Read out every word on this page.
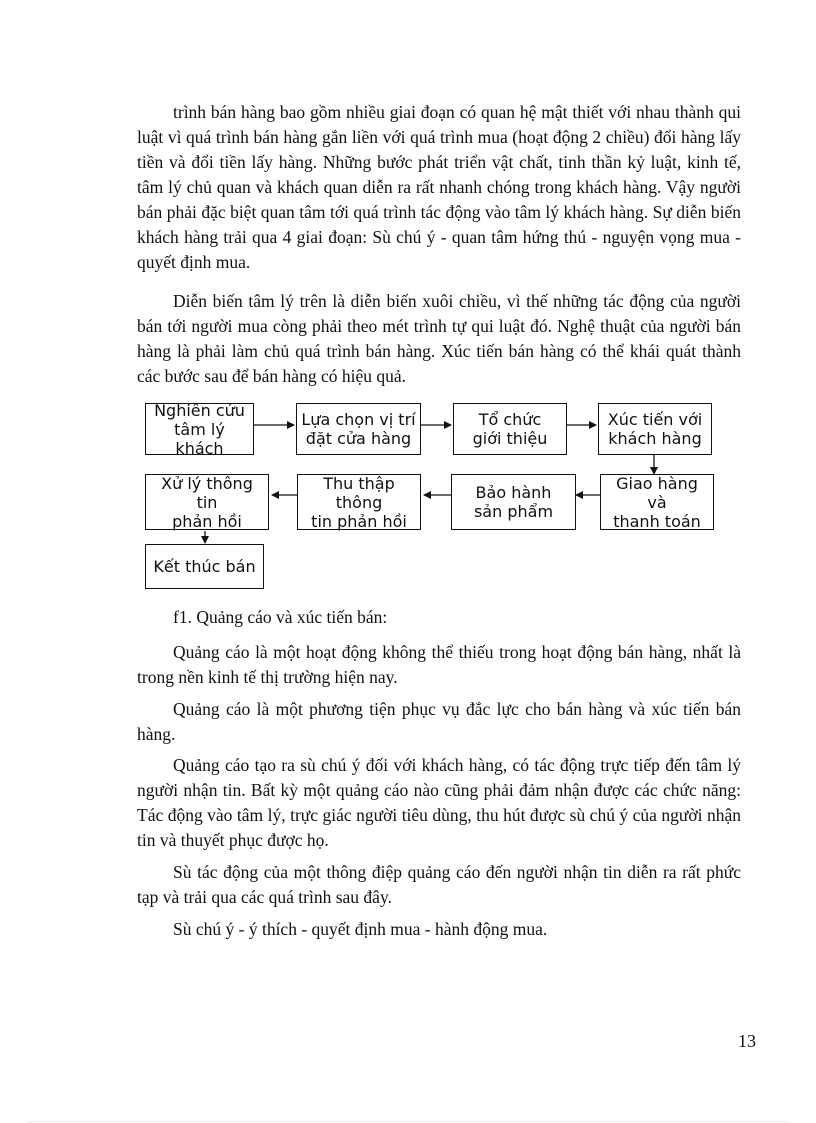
trình bán hàng bao gồm nhiều giai đoạn có quan hệ mật thiết với nhau thành qui luật vì quá trình bán hàng gắn liền với quá trình mua (hoạt động 2 chiều) đổi hàng lấy tiền và đổi tiền lấy hàng. Những bước phát triển vật chất, tinh thần kỷ luật, kinh tế, tâm lý chủ quan và khách quan diễn ra rất nhanh chóng trong khách hàng. Vậy người bán phải đặc biệt quan tâm tới quá trình tác động vào tâm lý khách hàng. Sự diễn biến khách hàng trải qua 4 giai đoạn: Sù chú ý - quan tâm hứng thú - nguyện vọng mua - quyết định mua.

Diễn biến tâm lý trên là diễn biến xuôi chiều, vì thế những tác động của người bán tới người mua còng phải theo mét trình tự qui luật đó. Nghệ thuật của người bán hàng là phải làm chủ quá trình bán hàng. Xúc tiến bán hàng có thể khái quát thành các bước sau để bán hàng có hiệu quả.

Nghiên cứu
tâm lý khách
Lựa chọn vị trí
đặt cửa hàng
Tổ chức
giới thiệu
Xúc tiến với
khách hàng
Giao hàng và
thanh toán
Bảo hành
sản phẩm
Thu thập thông
tin phản hồi
Xử lý thông tin
phản hồi
Kết thúc bán

f1. Quảng cáo và xúc tiến bán:

Quảng cáo là một hoạt động không thể thiếu trong hoạt động bán hàng, nhất là trong nền kinh tế thị trường hiện nay.

Quảng cáo là một phương tiện phục vụ đắc lực cho bán hàng và xúc tiến bán hàng.

Quảng cáo tạo ra sù chú ý đối với khách hàng, có tác động trực tiếp đến tâm lý người nhận tin. Bất kỳ một quảng cáo nào cũng phải đảm nhận được các chức năng: Tác động vào tâm lý, trực giác người tiêu dùng, thu hút được sù chú ý của người nhận tin và thuyết phục được họ.

Sù tác động của một thông điệp quảng cáo đến người nhận tin diễn ra rất phức tạp và trải qua các quá trình sau đây.

Sù chú ý - ý thích - quyết định mua - hành động mua.

13
